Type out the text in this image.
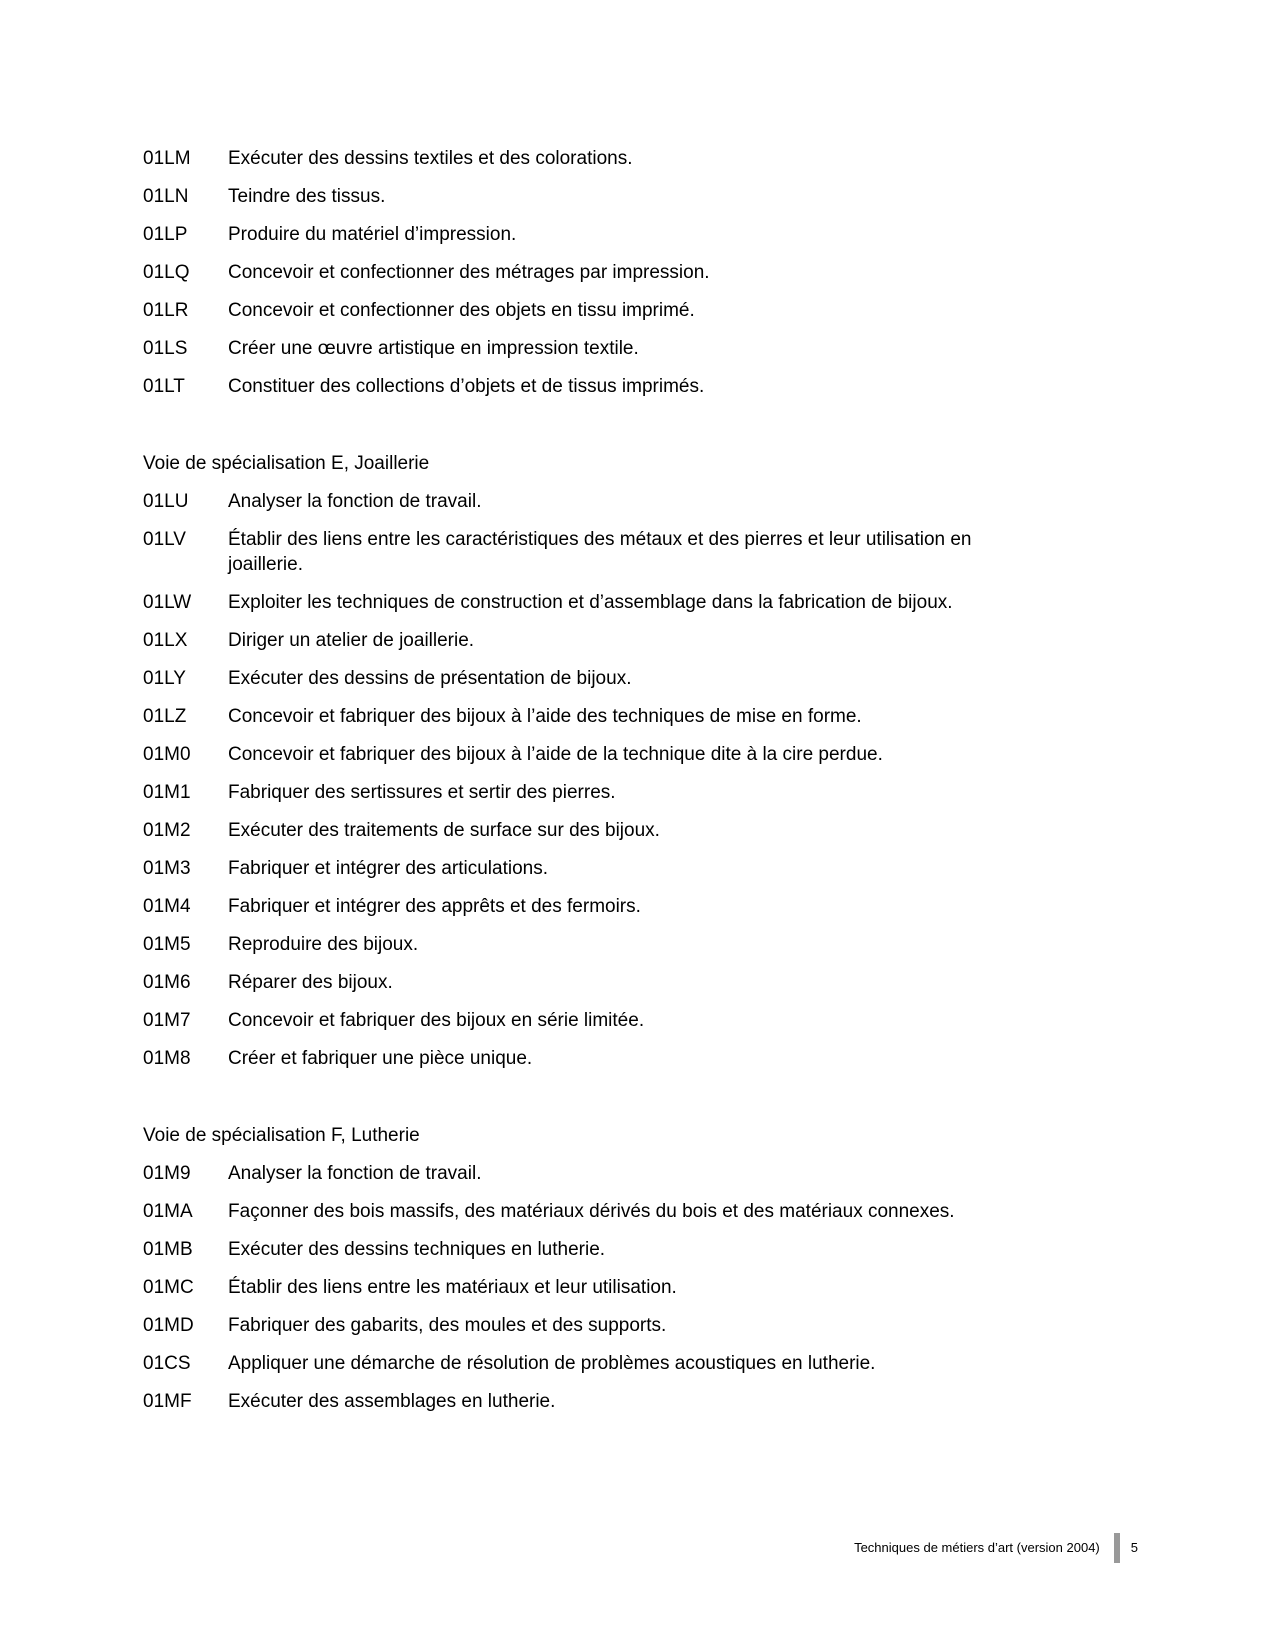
01LM	Exécuter des dessins textiles et des colorations.
01LN	Teindre des tissus.
01LP	Produire du matériel d’impression.
01LQ	Concevoir et confectionner des métrages par impression.
01LR	Concevoir et confectionner des objets en tissu imprimé.
01LS	Créer une œuvre artistique en impression textile.
01LT	Constituer des collections d’objets et de tissus imprimés.
Voie de spécialisation E, Joaillerie
01LU	Analyser la fonction de travail.
01LV	Établir des liens entre les caractéristiques des métaux et des pierres et leur utilisation en joaillerie.
01LW	Exploiter les techniques de construction et d’assemblage dans la fabrication de bijoux.
01LX	Diriger un atelier de joaillerie.
01LY	Exécuter des dessins de présentation de bijoux.
01LZ	Concevoir et fabriquer des bijoux à l’aide des techniques de mise en forme.
01M0	Concevoir et fabriquer des bijoux à l’aide de la technique dite à la cire perdue.
01M1	Fabriquer des sertissures et sertir des pierres.
01M2	Exécuter des traitements de surface sur des bijoux.
01M3	Fabriquer et intégrer des articulations.
01M4	Fabriquer et intégrer des apprêts et des fermoirs.
01M5	Reproduire des bijoux.
01M6	Réparer des bijoux.
01M7	Concevoir et fabriquer des bijoux en série limitée.
01M8	Créer et fabriquer une pièce unique.
Voie de spécialisation F, Lutherie
01M9	Analyser la fonction de travail.
01MA	Façonner des bois massifs, des matériaux dérivés du bois et des matériaux connexes.
01MB	Exécuter des dessins techniques en lutherie.
01MC	Établir des liens entre les matériaux et leur utilisation.
01MD	Fabriquer des gabarits, des moules et des supports.
01CS	Appliquer une démarche de résolution de problèmes acoustiques en lutherie.
01MF	Exécuter des assemblages en lutherie.
Techniques de métiers d’art (version 2004) 5
